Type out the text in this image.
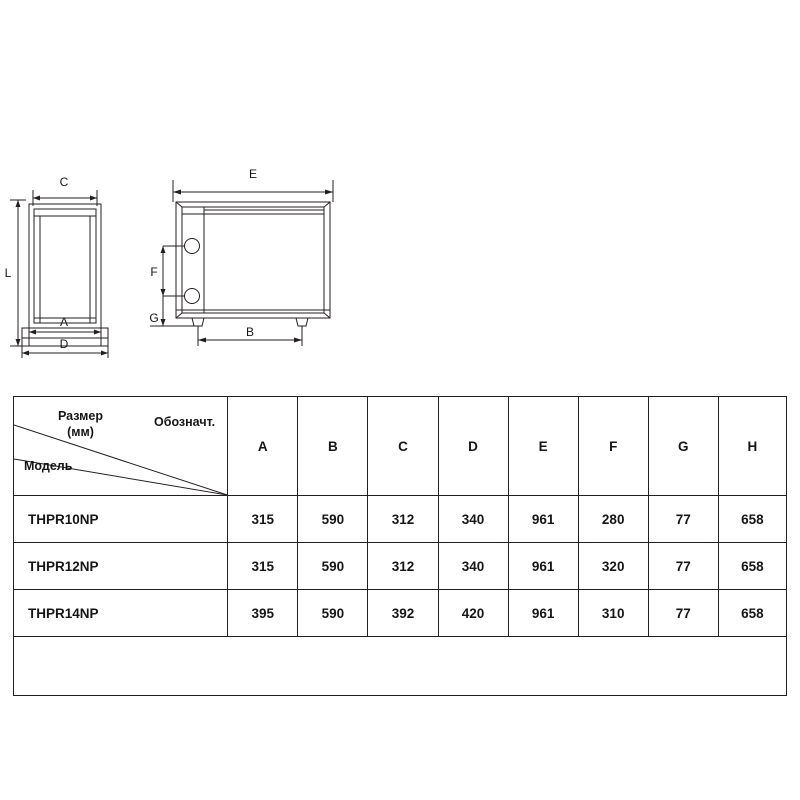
C
L
A
D
E
F
G
B
Размер
(мм)
Обозначт.
Модель	A	B	C	D	E	F	G	H
THPR10NP	315	590	312	340	961	280	77	658
THPR12NP	315	590	312	340	961	320	77	658
THPR14NP	395	590	392	420	961	310	77	658
